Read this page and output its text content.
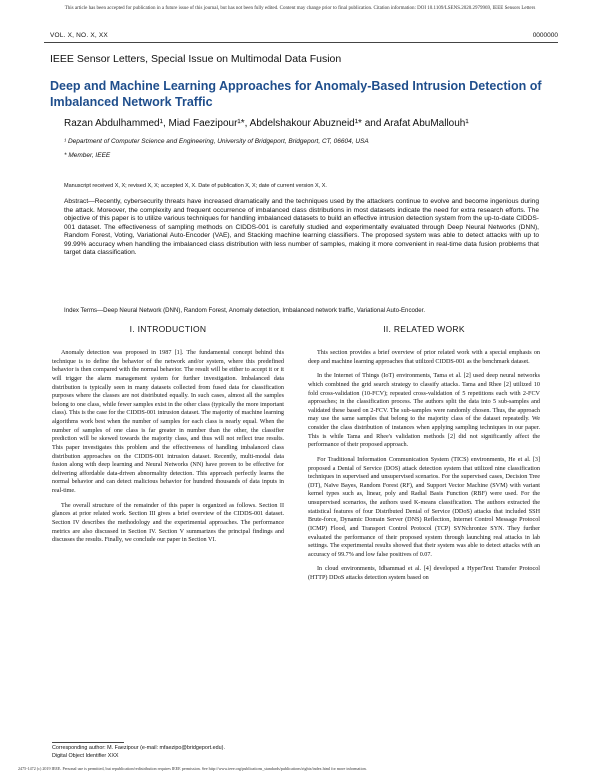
This article has been accepted for publication in a future issue of this journal, but has not been fully edited. Content may change prior to final publication. Citation information: DOI 10.1109/LSENS.2020.2979969, IEEE Sensors Letters
VOL. X, NO. X, XX	0000000
IEEE Sensor Letters, Special Issue on Multimodal Data Fusion
Deep and Machine Learning Approaches for Anomaly-Based Intrusion Detection of Imbalanced Network Traffic
Razan Abdulhammed¹, Miad Faezipour¹*, Abdelshakour Abuzneid¹* and Arafat AbuMallouh¹
¹ Department of Computer Science and Engineering, University of Bridgeport, Bridgeport, CT, 06604, USA
* Member, IEEE
Manuscript received X, X; revised X, X; accepted X, X. Date of publication X, X; date of current version X, X.
Abstract—Recently, cybersecurity threats have increased dramatically and the techniques used by the attackers continue to evolve and become ingenious during the attack. Moreover, the complexity and frequent occurrence of imbalanced class distributions in most datasets indicate the need for extra research efforts. The objective of this paper is to utilize various techniques for handling imbalanced datasets to build an effective intrusion detection system from the up-to-date CIDDS-001 dataset. The effectiveness of sampling methods on CIDDS-001 is carefully studied and experimentally evaluated through Deep Neural Networks (DNN), Random Forest, Voting, Variational Auto-Encoder (VAE), and Stacking machine learning classifiers. The proposed system was able to detect attacks with up to 99.99% accuracy when handling the imbalanced class distribution with less number of samples, making it more convenient in real-time data fusion problems that target data classification.
Index Terms—Deep Neural Network (DNN), Random Forest, Anomaly detection, Imbalanced network traffic, Variational Auto-Encoder.
I. INTRODUCTION

Anomaly detection was proposed in 1987 [1]. The fundamental concept behind this technique is to define the behavior of the network and/or system, where this predefined behavior is then compared with the normal behavior. The result will be either to accept it or it will trigger the alarm management system for further investigation. Imbalanced data distribution is typically seen in many datasets collected from fused data for classification purposes where the classes are not distributed equally. In such cases, almost all the samples belong to one class, while fewer samples exist in the other class (typically the more important class). This is the case for the CIDDS-001 intrusion dataset. The majority of machine learning algorithms work best when the number of samples for each class is nearly equal. When the number of samples of one class is far greater in number than the other, the classifier prediction will be skewed towards the majority class, and thus will not reflect true results. This paper investigates this problem and the effectiveness of handling imbalanced class distribution approaches on the CIDDS-001 intrusion dataset. Recently, multi-modal data fusion along with deep learning and Neural Networks (NN) have proven to be effective for delivering affordable data-driven abnormality detection. This approach perfectly learns the normal behavior and can detect malicious behavior for hundred thousands of data inputs in real-time.

The overall structure of the remainder of this paper is organized as follows. Section II glances at prior related work. Section III gives a brief overview of the CIDDS-001 dataset. Section IV describes the methodology and the experimental approaches. The performance metrics are also discussed in Section IV. Section V summarizes the principal findings and discusses the results. Finally, we conclude our paper in Section VI.

II. RELATED WORK

This section provides a brief overview of prior related work with a special emphasis on deep and machine learning approaches that utilized CIDDS-001 as the benchmark dataset.

In the Internet of Things (IoT) environments, Tama et al. [2] used deep neural networks which combined the grid search strategy to classify attacks. Tama and Rhee [2] utilized 10 fold cross-validation (10-FCV); repeated cross-validation of 5 repetitions each with 2-FCV approaches; in the classification process. The authors split the data into 5 sub-samples and validated these based on 2-FCV. The sub-samples were randomly chosen. Thus, the approach may use the same samples that belong to the majority class of the dataset repeatedly. We consider the class distribution of instances when applying sampling techniques in our paper. This is while Tama and Rhee's validation methods [2] did not significantly affect the performance of their proposed approach.

For Traditional Information Communication System (TICS) environments, He et al. [3] proposed a Denial of Service (DOS) attack detection system that utilized nine classification techniques in supervised and unsupervised scenarios. For the supervised cases, Decision Tree (DT), Naïve Bayes, Random Forest (RF), and Support Vector Machine (SVM) with variant kernel types such as, linear, poly and Radial Basis Function (RBF) were used. For the unsupervised scenarios, the authors used K-means classification. The authors extracted the statistical features of four Distributed Denial of Service (DDoS) attacks that included SSH Brute-force, Dynamic Domain Server (DNS) Reflection, Internet Control Message Protocol (ICMP) Flood, and Transport Control Protocol (TCP) SYNchronize SYN. They further evaluated the performance of their proposed system through launching real attacks in lab settings. The experimental results showed that their system was able to detect attacks with an accuracy of 99.7% and low false positives of 0.07.

In cloud environments, Idhammad et al. [4] developed a HyperText Transfer Protocol (HTTP) DDoS attacks detection system based on

Corresponding author: M. Faezipour (e-mail: mfaezipo@bridgeport.edu).
Digital Object Identifier XXX
2475-1472 (c) 2019 IEEE. Personal use is permitted, but republication/redistribution requires IEEE permission. See http://www.ieee.org/publications_standards/publications/rights/index.html for more information.
